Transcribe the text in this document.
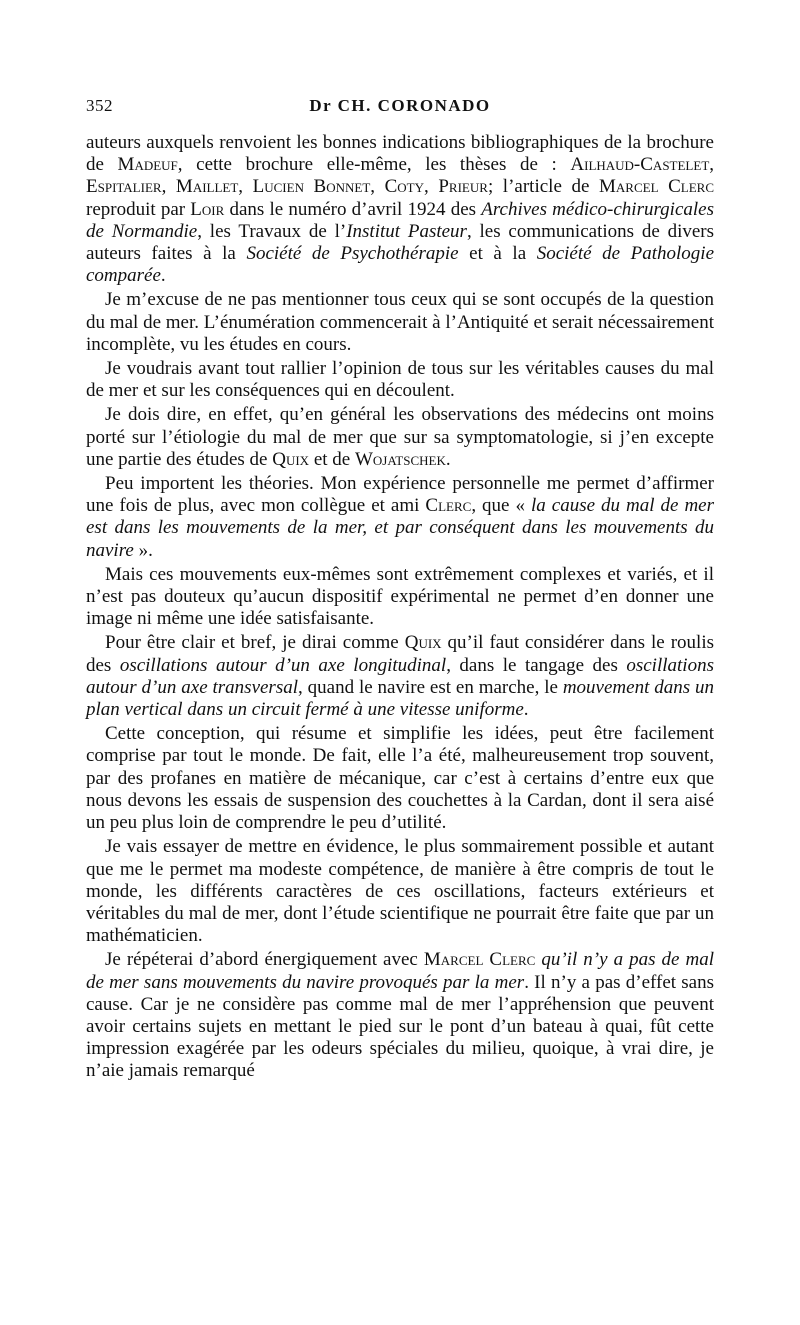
352	Dr CH. CORONADO

auteurs auxquels renvoient les bonnes indications bibliographiques de la brochure de Madeuf, cette brochure elle-même, les thèses de : Ailhaud-Castelet, Espitalier, Maillet, Lucien Bonnet, Coty, Prieur; l’article de Marcel Clerc reproduit par Loir dans le numéro d’avril 1924 des Archives médico-chirurgicales de Normandie, les Travaux de l’Institut Pasteur, les communications de divers auteurs faites à la Société de Psychothérapie et à la Société de Pathologie comparée.

Je m’excuse de ne pas mentionner tous ceux qui se sont occupés de la question du mal de mer. L’énumération commencerait à l’Antiquité et serait nécessairement incomplète, vu les études en cours.

Je voudrais avant tout rallier l’opinion de tous sur les véritables causes du mal de mer et sur les conséquences qui en découlent.

Je dois dire, en effet, qu’en général les observations des médecins ont moins porté sur l’étiologie du mal de mer que sur sa symptomatologie, si j’en excepte une partie des études de Quix et de Wojatschek.

Peu importent les théories. Mon expérience personnelle me permet d’affirmer une fois de plus, avec mon collègue et ami Clerc, que « la cause du mal de mer est dans les mouvements de la mer, et par conséquent dans les mouvements du navire ».

Mais ces mouvements eux-mêmes sont extrêmement complexes et variés, et il n’est pas douteux qu’aucun dispositif expérimental ne permet d’en donner une image ni même une idée satisfaisante.

Pour être clair et bref, je dirai comme Quix qu’il faut considérer dans le roulis des oscillations autour d’un axe longitudinal, dans le tangage des oscillations autour d’un axe transversal, quand le navire est en marche, le mouvement dans un plan vertical dans un circuit fermé à une vitesse uniforme.

Cette conception, qui résume et simplifie les idées, peut être facilement comprise par tout le monde. De fait, elle l’a été, malheureusement trop souvent, par des profanes en matière de mécanique, car c’est à certains d’entre eux que nous devons les essais de suspension des couchettes à la Cardan, dont il sera aisé un peu plus loin de comprendre le peu d’utilité.

Je vais essayer de mettre en évidence, le plus sommairement possible et autant que me le permet ma modeste compétence, de manière à être compris de tout le monde, les différents caractères de ces oscillations, facteurs extérieurs et véritables du mal de mer, dont l’étude scientifique ne pourrait être faite que par un mathématicien.

Je répéterai d’abord énergiquement avec Marcel Clerc qu’il n’y a pas de mal de mer sans mouvements du navire provoqués par la mer. Il n’y a pas d’effet sans cause. Car je ne considère pas comme mal de mer l’appréhension que peuvent avoir certains sujets en mettant le pied sur le pont d’un bateau à quai, fût cette impression exagérée par les odeurs spéciales du milieu, quoique, à vrai dire, je n’aie jamais remarqué
